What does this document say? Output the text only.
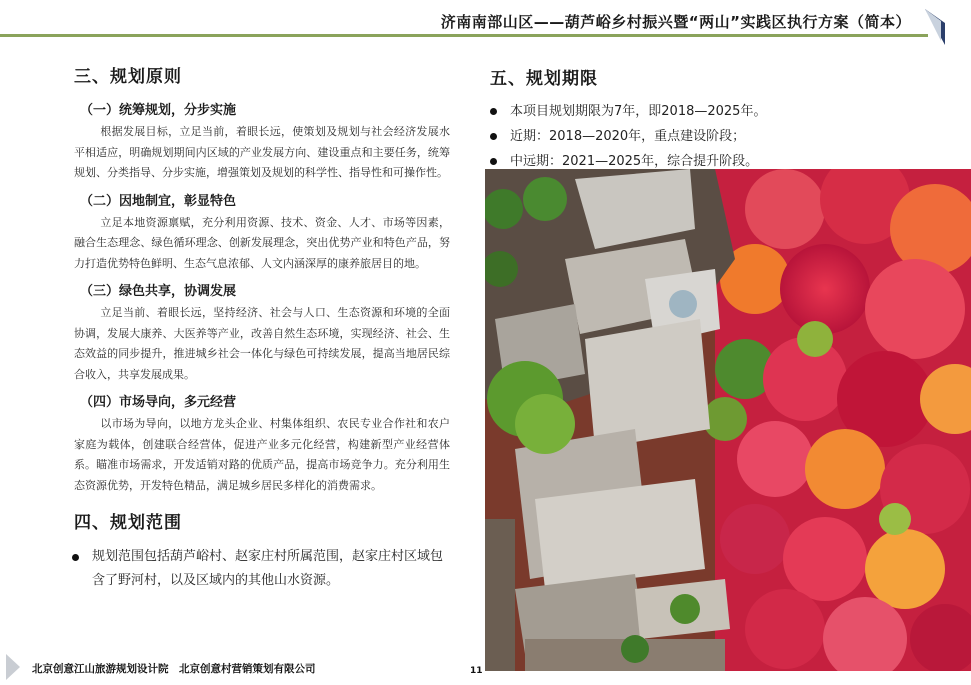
济南南部山区——葫芦峪乡村振兴暨“两山”实践区执行方案（简本）
三、规划原则
（一）统筹规划，分步实施
根据发展目标，立足当前，着眼长远，使策划及规划与社会经济发展水平相适应，明确规划期间内区域的产业发展方向、建设重点和主要任务，统筹规划、分类指导、分步实施，增强策划及规划的科学性、指导性和可操作性。
（二）因地制宜，彰显特色
立足本地资源禀赋，充分利用资源、技术、资金、人才、市场等因素，融合生态理念、绿色循环理念、创新发展理念，突出优势产业和特色产品，努力打造优势特色鲜明、生态气息浓郁、人文内涵深厚的康养旅居目的地。
（三）绿色共享，协调发展
立足当前、着眼长远，坚持经济、社会与人口、生态资源和环境的全面协调，发展大康养、大医养等产业，改善自然生态环境，实现经济、社会、生态效益的同步提升，推进城乡社会一体化与绿色可持续发展，提高当地居民综合收入，共享发展成果。
（四）市场导向，多元经营
以市场为导向，以地方龙头企业、村集体组织、农民专业合作社和农户家庭为载体，创建联合经营体，促进产业多元化经营，构建新型产业经营体系。瞄准市场需求，开发适销对路的优质产品，提高市场竞争力。充分利用生态资源优势，开发特色精品，满足城乡居民多样化的消费需求。
四、规划范围
规划范围包括葫芦峪村、赵家庄村所属范围，赵家庄村区域包含了野河村，以及区域内的其他山水资源。
五、规划期限
本项目规划期限为7年，即2018—2025年。
近期：2018—2020年，重点建设阶段；
中远期：2021—2025年，综合提升阶段。
北京创意江山旅游规划设计院　北京创意村营销策划有限公司	11
